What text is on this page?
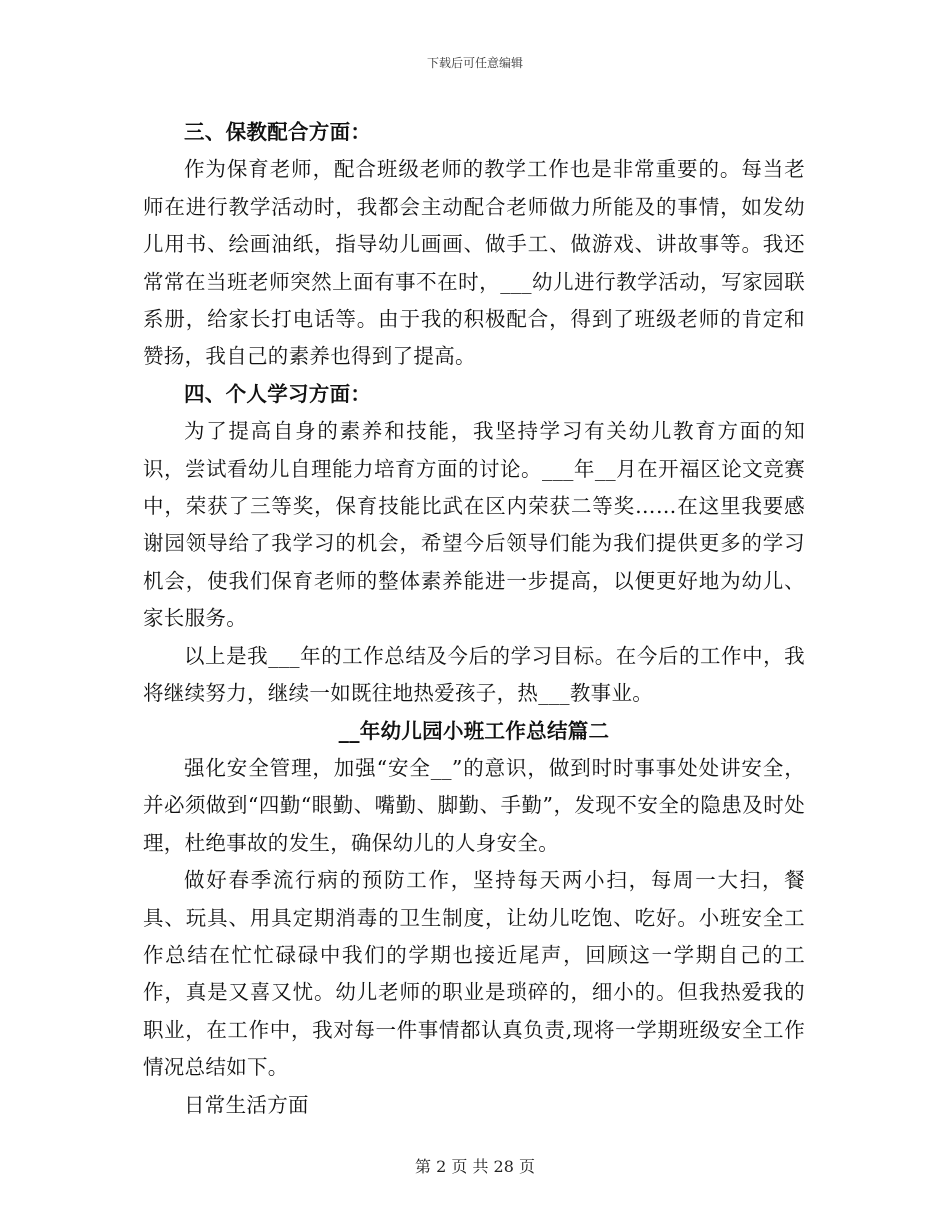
下载后可任意编辑

三、保教配合方面：

作为保育老师，配合班级老师的教学工作也是非常重要的。每当老师在进行教学活动时，我都会主动配合老师做力所能及的事情，如发幼儿用书、绘画油纸，指导幼儿画画、做手工、做游戏、讲故事等。我还常常在当班老师突然上面有事不在时，___幼儿进行教学活动，写家园联系册，给家长打电话等。由于我的积极配合，得到了班级老师的肯定和赞扬，我自己的素养也得到了提高。

四、个人学习方面：

为了提高自身的素养和技能，我坚持学习有关幼儿教育方面的知识，尝试看幼儿自理能力培育方面的讨论。___年__月在开福区论文竞赛中，荣获了三等奖，保育技能比武在区内荣获二等奖……在这里我要感谢园领导给了我学习的机会，希望今后领导们能为我们提供更多的学习机会，使我们保育老师的整体素养能进一步提高，以便更好地为幼儿、家长服务。

以上是我___年的工作总结及今后的学习目标。在今后的工作中，我将继续努力，继续一如既往地热爱孩子，热___教事业。

__年幼儿园小班工作总结篇二

强化安全管理，加强“安全__”的意识，做到时时事事处处讲安全，并必须做到“四勤“眼勤、嘴勤、脚勤、手勤”，发现不安全的隐患及时处理，杜绝事故的发生，确保幼儿的人身安全。

做好春季流行病的预防工作，坚持每天两小扫，每周一大扫，餐具、玩具、用具定期消毒的卫生制度，让幼儿吃饱、吃好。小班安全工作总结在忙忙碌碌中我们的学期也接近尾声，回顾这一学期自己的工作，真是又喜又忧。幼儿老师的职业是琐碎的，细小的。但我热爱我的职业，在工作中，我对每一件事情都认真负责,现将一学期班级安全工作情况总结如下。

日常生活方面

第 2 页 共 28 页
